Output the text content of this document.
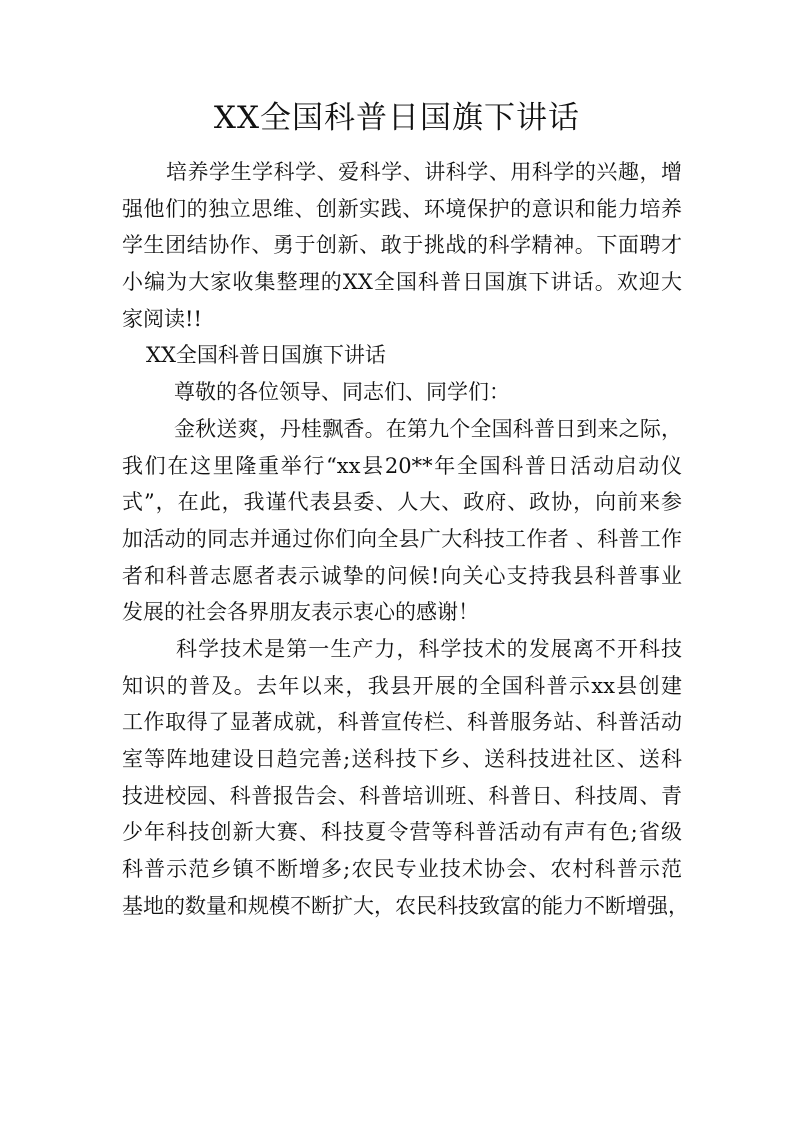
XX全国科普日国旗下讲话
培养学生学科学、爱科学、讲科学、用科学的兴趣，增
强他们的独立思维、创新实践、环境保护的意识和能力培养
学生团结协作、勇于创新、敢于挑战的科学精神。下面聘才
小编为大家收集整理的XX全国科普日国旗下讲话。欢迎大
家阅读!!
XX全国科普日国旗下讲话
尊敬的各位领导、同志们、同学们：
金秋送爽，丹桂飘香。在第九个全国科普日到来之际，
我们在这里隆重举行“xx县20**年全国科普日活动启动仪
式”，在此，我谨代表县委、人大、政府、政协，向前来参
加活动的同志并通过你们向全县广大科技工作者 、科普工作
者和科普志愿者表示诚挚的问候!向关心支持我县科普事业
发展的社会各界朋友表示衷心的感谢！
科学技术是第一生产力，科学技术的发展离不开科技
知识的普及。去年以来，我县开展的全国科普示xx县创建
工作取得了显著成就，科普宣传栏、科普服务站、科普活动
室等阵地建设日趋完善;送科技下乡、送科技进社区、送科
技进校园、科普报告会、科普培训班、科普日、科技周、青
少年科技创新大赛、科技夏令营等科普活动有声有色;省级
科普示范乡镇不断增多;农民专业技术协会、农村科普示范
基地的数量和规模不断扩大，农民科技致富的能力不断增强，
